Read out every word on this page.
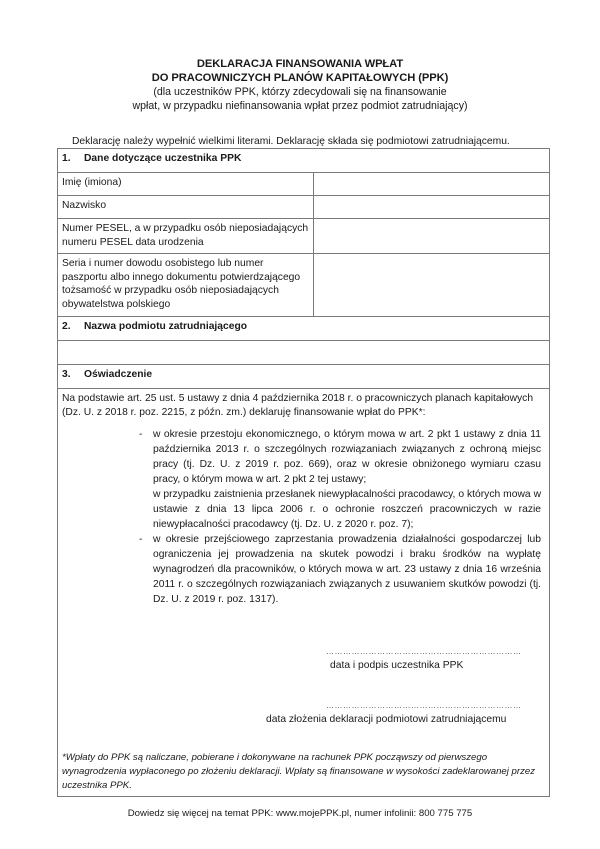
DEKLARACJA FINANSOWANIA WPŁAT
DO PRACOWNICZYCH PLANÓW KAPITAŁOWYCH (PPK)
(dla uczestników PPK, którzy zdecydowali się na finansowanie
wpłat, w przypadku niefinansowania wpłat przez podmiot zatrudniający)
Deklarację należy wypełnić wielkimi literami. Deklarację składa się podmiotowi zatrudniającemu.
1. Dane dotyczące uczestnika PPK	
Imię (imiona)	
Nazwisko	
Numer PESEL, a w przypadku osób nieposiadających numeru PESEL data urodzenia	
Seria i numer dowodu osobistego lub numer paszportu albo innego dokumentu potwierdzającego tożsamość w przypadku osób nieposiadających obywatelstwa polskiego	
2. Nazwa podmiotu zatrudniającego	

3. Oświadczenie	

Na podstawie art. 25 ust. 5 ustawy z dnia 4 października 2018 r. o pracowniczych planach kapitałowych (Dz. U. z 2018 r. poz. 2215, z późn. zm.) deklaruję finansowanie wpłat do PPK*:
- w okresie przestoju ekonomicznego, o którym mowa w art. 2 pkt 1 ustawy z dnia 11 października 2013 r. o szczególnych rozwiązaniach związanych z ochroną miejsc pracy (tj. Dz. U. z 2019 r. poz. 669), oraz w okresie obniżonego wymiaru czasu pracy, o którym mowa w art. 2 pkt 2 tej ustawy;
w przypadku zaistnienia przesłanek niewypłacalności pracodawcy, o których mowa w ustawie z dnia 13 lipca 2006 r. o ochronie roszczeń pracowniczych w razie niewypłacalności pracodawcy (tj. Dz. U. z 2020 r. poz. 7);
- w okresie przejściowego zaprzestania prowadzenia działalności gospodarczej lub ograniczenia jej prowadzenia na skutek powodzi i braku środków na wypłatę wynagrodzeń dla pracowników, o których mowa w art. 23 ustawy z dnia 16 września 2011 r. o szczególnych rozwiązaniach związanych z usuwaniem skutków powodzi (tj. Dz. U. z 2019 r. poz. 1317).
……………………………………………………………
data i podpis uczestnika PPK
……………………………………………………………
data złożenia deklaracji podmiotowi zatrudniającemu
*Wpłaty do PPK są naliczane, pobierane i dokonywane na rachunek PPK począwszy od pierwszego wynagrodzenia wypłaconego po złożeniu deklaracji. Wpłaty są finansowane w wysokości zadeklarowanej przez uczestnika PPK.
Dowiedz się więcej na temat PPK: www.mojePPK.pl, numer infolinii: 800 775 775
